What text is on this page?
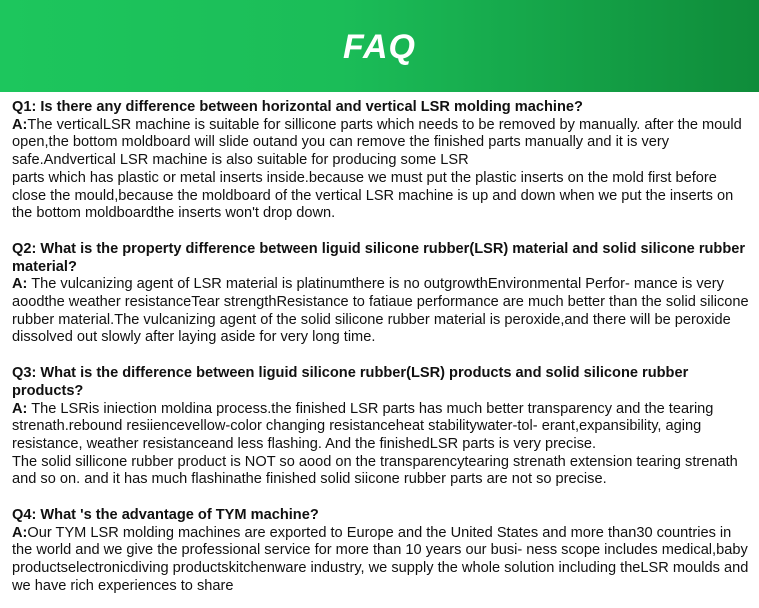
FAQ

Q1: Is there any difference between horizontal and vertical LSR molding machine?

A:The verticalLSR machine is suitable for sillicone parts which needs to be removed by manually. after the mould open,the bottom moldboard will slide outand you can remove the finished parts manually and it is very safe.Andvertical LSR machine is also suitable for producing some LSR
parts which has plastic or metal inserts inside.because we must put the plastic inserts on the mold first before close the mould,because the moldboard of the vertical LSR machine is up and down when we put the inserts on the bottom moldboardthe inserts won't drop down.

Q2: What is the property difference between liguid silicone rubber(LSR) material and solid silicone rubber material?

A: The vulcanizing agent of LSR material is platinumthere is no outgrowthEnvironmental Perfor- mance is very aoodthe weather resistanceTear strengthResistance to fatiaue performance are much better than the solid silicone rubber material.The vulcanizing agent of the solid silicone rubber material is peroxide,and there will be peroxide dissolved out slowly after laying aside for very long time.

Q3: What is the difference between liguid silicone rubber(LSR) products and solid silicone rubber products?

A: The LSRis iniection moldina process.the finished LSR parts has much better transparency and the tearing strenath.rebound resiiencevellow-color changing resistanceheat stabilitywater-tol- erant,expansibility, aging resistance, weather resistanceand less flashing. And the finishedLSR parts is very precise.
The solid sillicone rubber product is NOT so aood on the transparencytearing strenath extension tearing strenath and so on. and it has much flashinathe finished solid siicone rubber parts are not so precise.

Q4: What 's the advantage of TYM machine?

A:Our TYM LSR molding machines are exported to Europe and the United States and more than30 countries in the world and we give the professional service for more than 10 years our busi- ness scope includes medical,baby productselectronicdiving productskitchenware industry, we supply the whole solution including theLSR moulds and we have rich experiences to share
